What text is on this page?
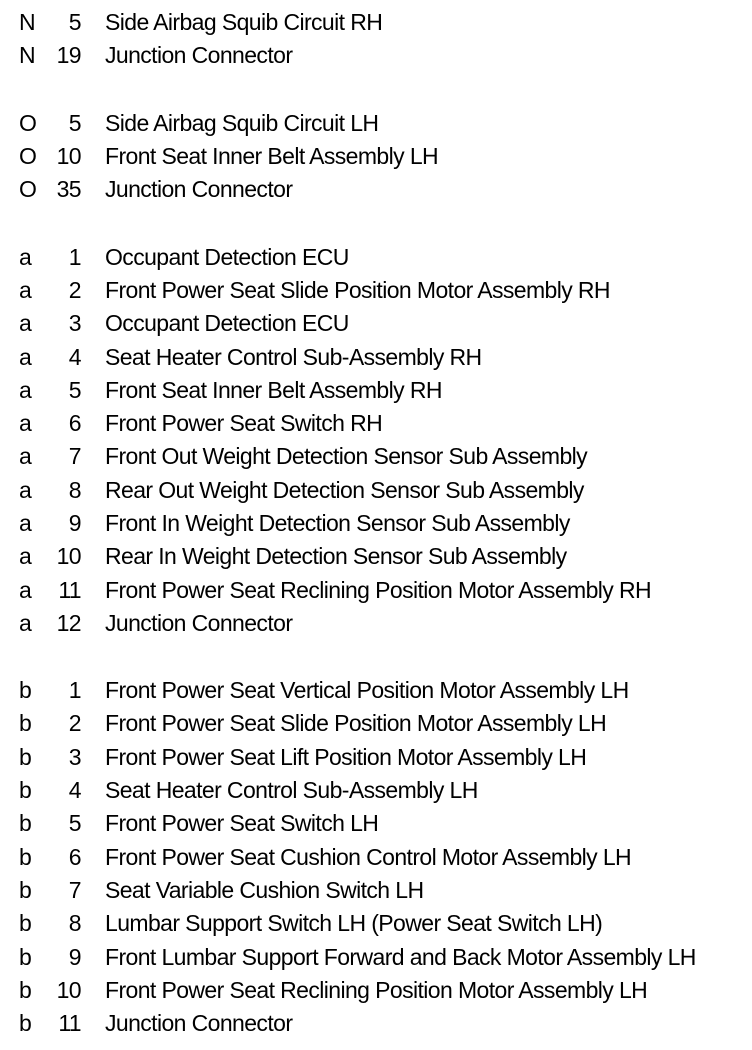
N	5	Side Airbag Squib Circuit RH
N 19	Junction Connector
O	5	Side Airbag Squib Circuit LH
O 10	Front Seat Inner Belt Assembly LH
O 35	Junction Connector
a	1	Occupant Detection ECU
a	2	Front Power Seat Slide Position Motor Assembly RH
a	3	Occupant Detection ECU
a	4	Seat Heater Control Sub-Assembly RH
a	5	Front Seat Inner Belt Assembly RH
a	6	Front Power Seat Switch RH
a	7	Front Out Weight Detection Sensor Sub Assembly
a	8	Rear Out Weight Detection Sensor Sub Assembly
a	9	Front In Weight Detection Sensor Sub Assembly
a	10	Rear In Weight Detection Sensor Sub Assembly
a	11	Front Power Seat Reclining Position Motor Assembly RH
a	12	Junction Connector
b	1	Front Power Seat Vertical Position Motor Assembly LH
b	2	Front Power Seat Slide Position Motor Assembly LH
b	3	Front Power Seat Lift Position Motor Assembly LH
b	4	Seat Heater Control Sub-Assembly LH
b	5	Front Power Seat Switch LH
b	6	Front Power Seat Cushion Control Motor Assembly LH
b	7	Seat Variable Cushion Switch LH
b	8	Lumbar Support Switch LH (Power Seat Switch LH)
b	9	Front Lumbar Support Forward and Back Motor Assembly LH
b	10	Front Power Seat Reclining Position Motor Assembly LH
b	11	Junction Connector
